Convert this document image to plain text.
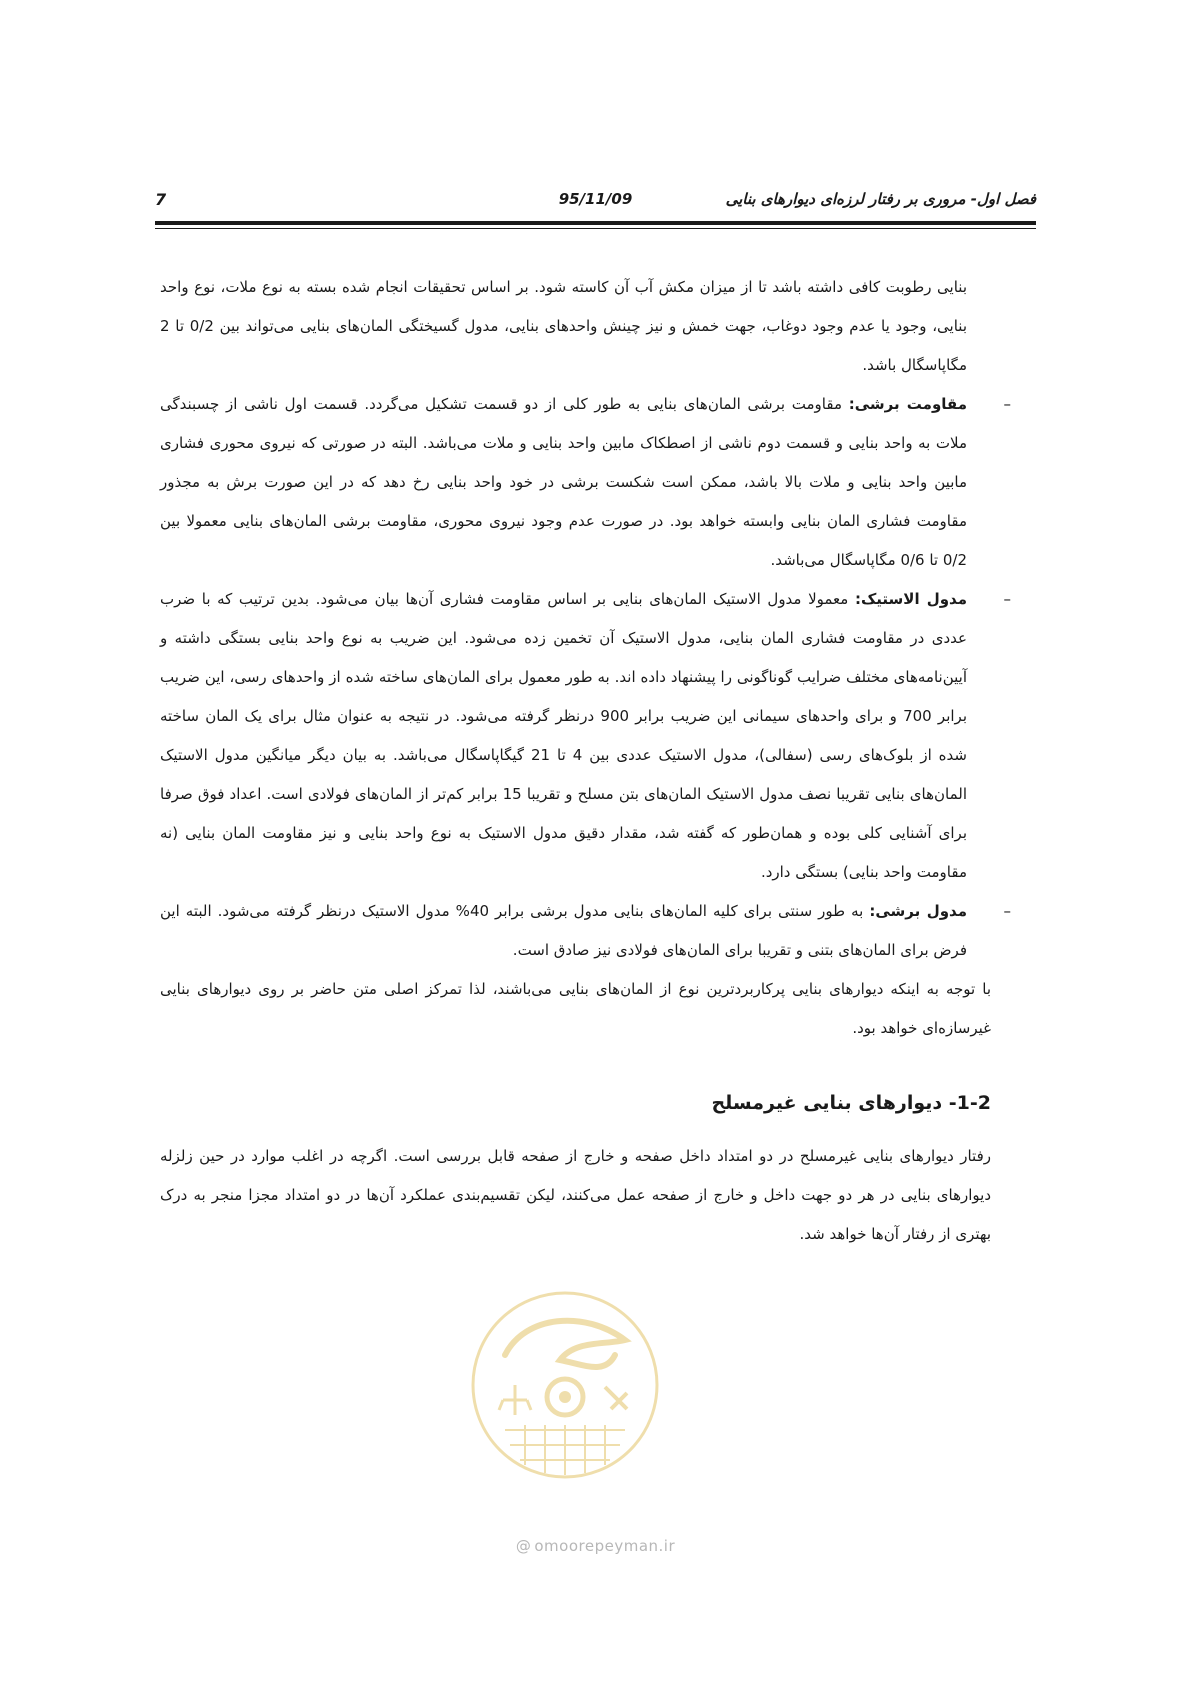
فصل اول- مروری بر رفتار لرزه‌ای دیوارهای بنایی
95/11/09
7

بنایی رطوبت کافی داشته باشد تا از میزان مکش آب آن کاسته شود. بر اساس تحقیقات انجام شده بسته به نوع ملات، نوع واحد بنایی، وجود یا عدم وجود دوغاب، جهت خمش و نیز چینش واحدهای بنایی، مدول گسیختگی المان‌های بنایی می‌تواند بین 0/2 تا 2 مگاپاسگال باشد.

–
مقاومت برشی: مقاومت برشی المان‌های بنایی به طور کلی از دو قسمت تشکیل می‌گردد. قسمت اول ناشی از چسبندگی ملات به واحد بنایی و قسمت دوم ناشی از اصطکاک مابین واحد بنایی و ملات می‌باشد. البته در صورتی که نیروی محوری فشاری مابین واحد بنایی و ملات بالا باشد، ممکن است شکست برشی در خود واحد بنایی رخ دهد که در این صورت برش به مجذور مقاومت فشاری المان بنایی وابسته خواهد بود. در صورت عدم وجود نیروی محوری، مقاومت برشی المان‌های بنایی معمولا بین 0/2 تا 0/6 مگاپاسگال می‌باشد.

–
مدول الاستیک: معمولا مدول الاستیک المان‌های بنایی بر اساس مقاومت فشاری آن‌ها بیان می‌شود. بدین ترتیب که با ضرب عددی در مقاومت فشاری المان بنایی، مدول الاستیک آن تخمین زده می‌شود. این ضریب به نوع واحد بنایی بستگی داشته و آیین‌نامه‌های مختلف ضرایب گوناگونی را پیشنهاد داده اند. به طور معمول برای المان‌های ساخته شده از واحدهای رسی، این ضریب برابر 700 و برای واحدهای سیمانی این ضریب برابر 900 درنظر گرفته می‌شود. در نتیجه به عنوان مثال برای یک المان ساخته شده از بلوک‌های رسی (سفالی)، مدول الاستیک عددی بین 4 تا 21 گیگاپاسگال می‌باشد. به بیان دیگر میانگین مدول الاستیک المان‌های بنایی تقریبا نصف مدول الاستیک المان‌های بتن مسلح و تقریبا 15 برابر کم‌تر از المان‌های فولادی است. اعداد فوق صرفا برای آشنایی کلی بوده و همان‌طور که گفته شد، مقدار دقیق مدول الاستیک به نوع واحد بنایی و نیز مقاومت المان بنایی (نه مقاومت واحد بنایی) بستگی دارد.

–
مدول برشی: به طور سنتی برای کلیه المان‌های بنایی مدول برشی برابر 40% مدول الاستیک درنظر گرفته می‌شود. البته این فرض برای المان‌های بتنی و تقریبا برای المان‌های فولادی نیز صادق است.

با توجه به اینکه دیوارهای بنایی پرکاربردترین نوع از المان‌های بنایی می‌باشند، لذا تمرکز اصلی متن حاضر بر روی دیوارهای بنایی غیرسازه‌ای خواهد بود.

1-2- دیوارهای بنایی غیرمسلح

رفتار دیوارهای بنایی غیرمسلح در دو امتداد داخل صفحه و خارج از صفحه قابل بررسی است. اگرچه در اغلب موارد در حین زلزله دیوارهای بنایی در هر دو جهت داخل و خارج از صفحه عمل می‌کنند، لیکن تقسیم‌بندی عملکرد آن‌ها در دو امتداد مجزا منجر به درک بهتری از رفتار آن‌ها خواهد شد.

@ omoorepeyman.ir
